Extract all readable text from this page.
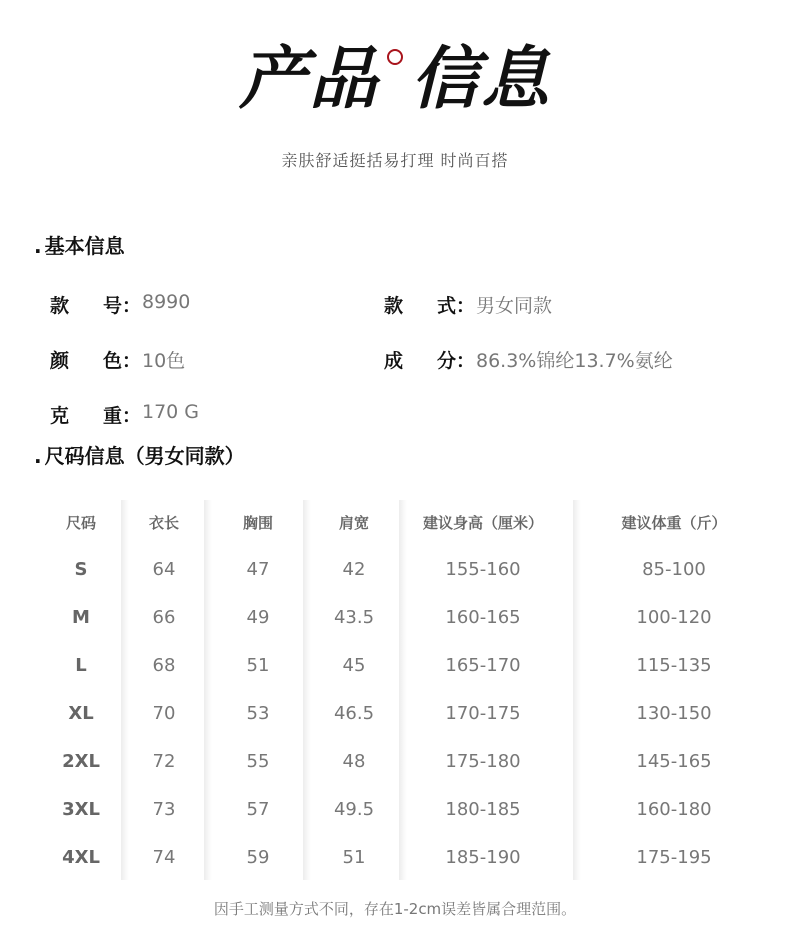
产品 信息
亲肤舒适挺括易打理 时尚百搭
. 基本信息
款 号 ： 8990	款 式 ： 男女同款
颜 色 ： 10色	成 分 ： 86.3%锦纶13.7%氨纶
克 重 ： 170 G
. 尺码信息（男女同款）
尺码
S
M
L
XL
2XL
3XL
4XL
衣长
64
66
68
70
72
73
74
胸围
47
49
51
53
55
57
59
肩宽
42
43.5
45
46.5
48
49.5
51
建议身高（厘米）
155-160
160-165
165-170
170-175
175-180
180-185
185-190
建议体重（斤）
85-100
100-120
115-135
130-150
145-165
160-180
175-195
因手工测量方式不同，存在1-2cm误差皆属合理范围。
